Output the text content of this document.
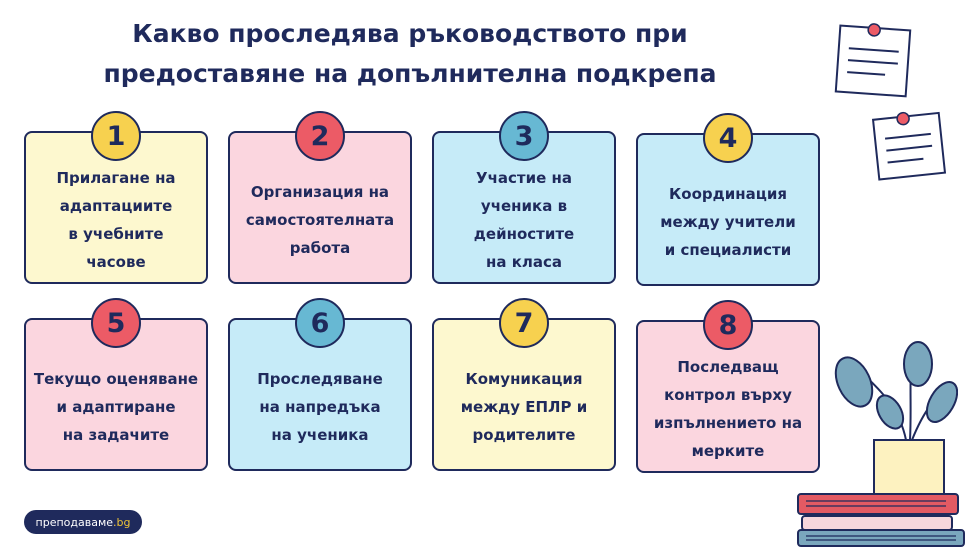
Какво проследява ръководството при предоставяне на допълнителна подкрепа
1
Прилагане на
адаптациите
в учебните
часове
2
Организация на
самостоятелната
работа
3
Участие на
ученика в
дейностите
на класа
4
Координация
между учители
и специалисти
5
Текущо оценяване
и адаптиране
на задачите
6
Проследяване
на напредъка
на ученика
7
Комуникация
между ЕПЛР и
родителите
8
Последващ
контрол върху
изпълнението на
мерките
преподаваме .bg
